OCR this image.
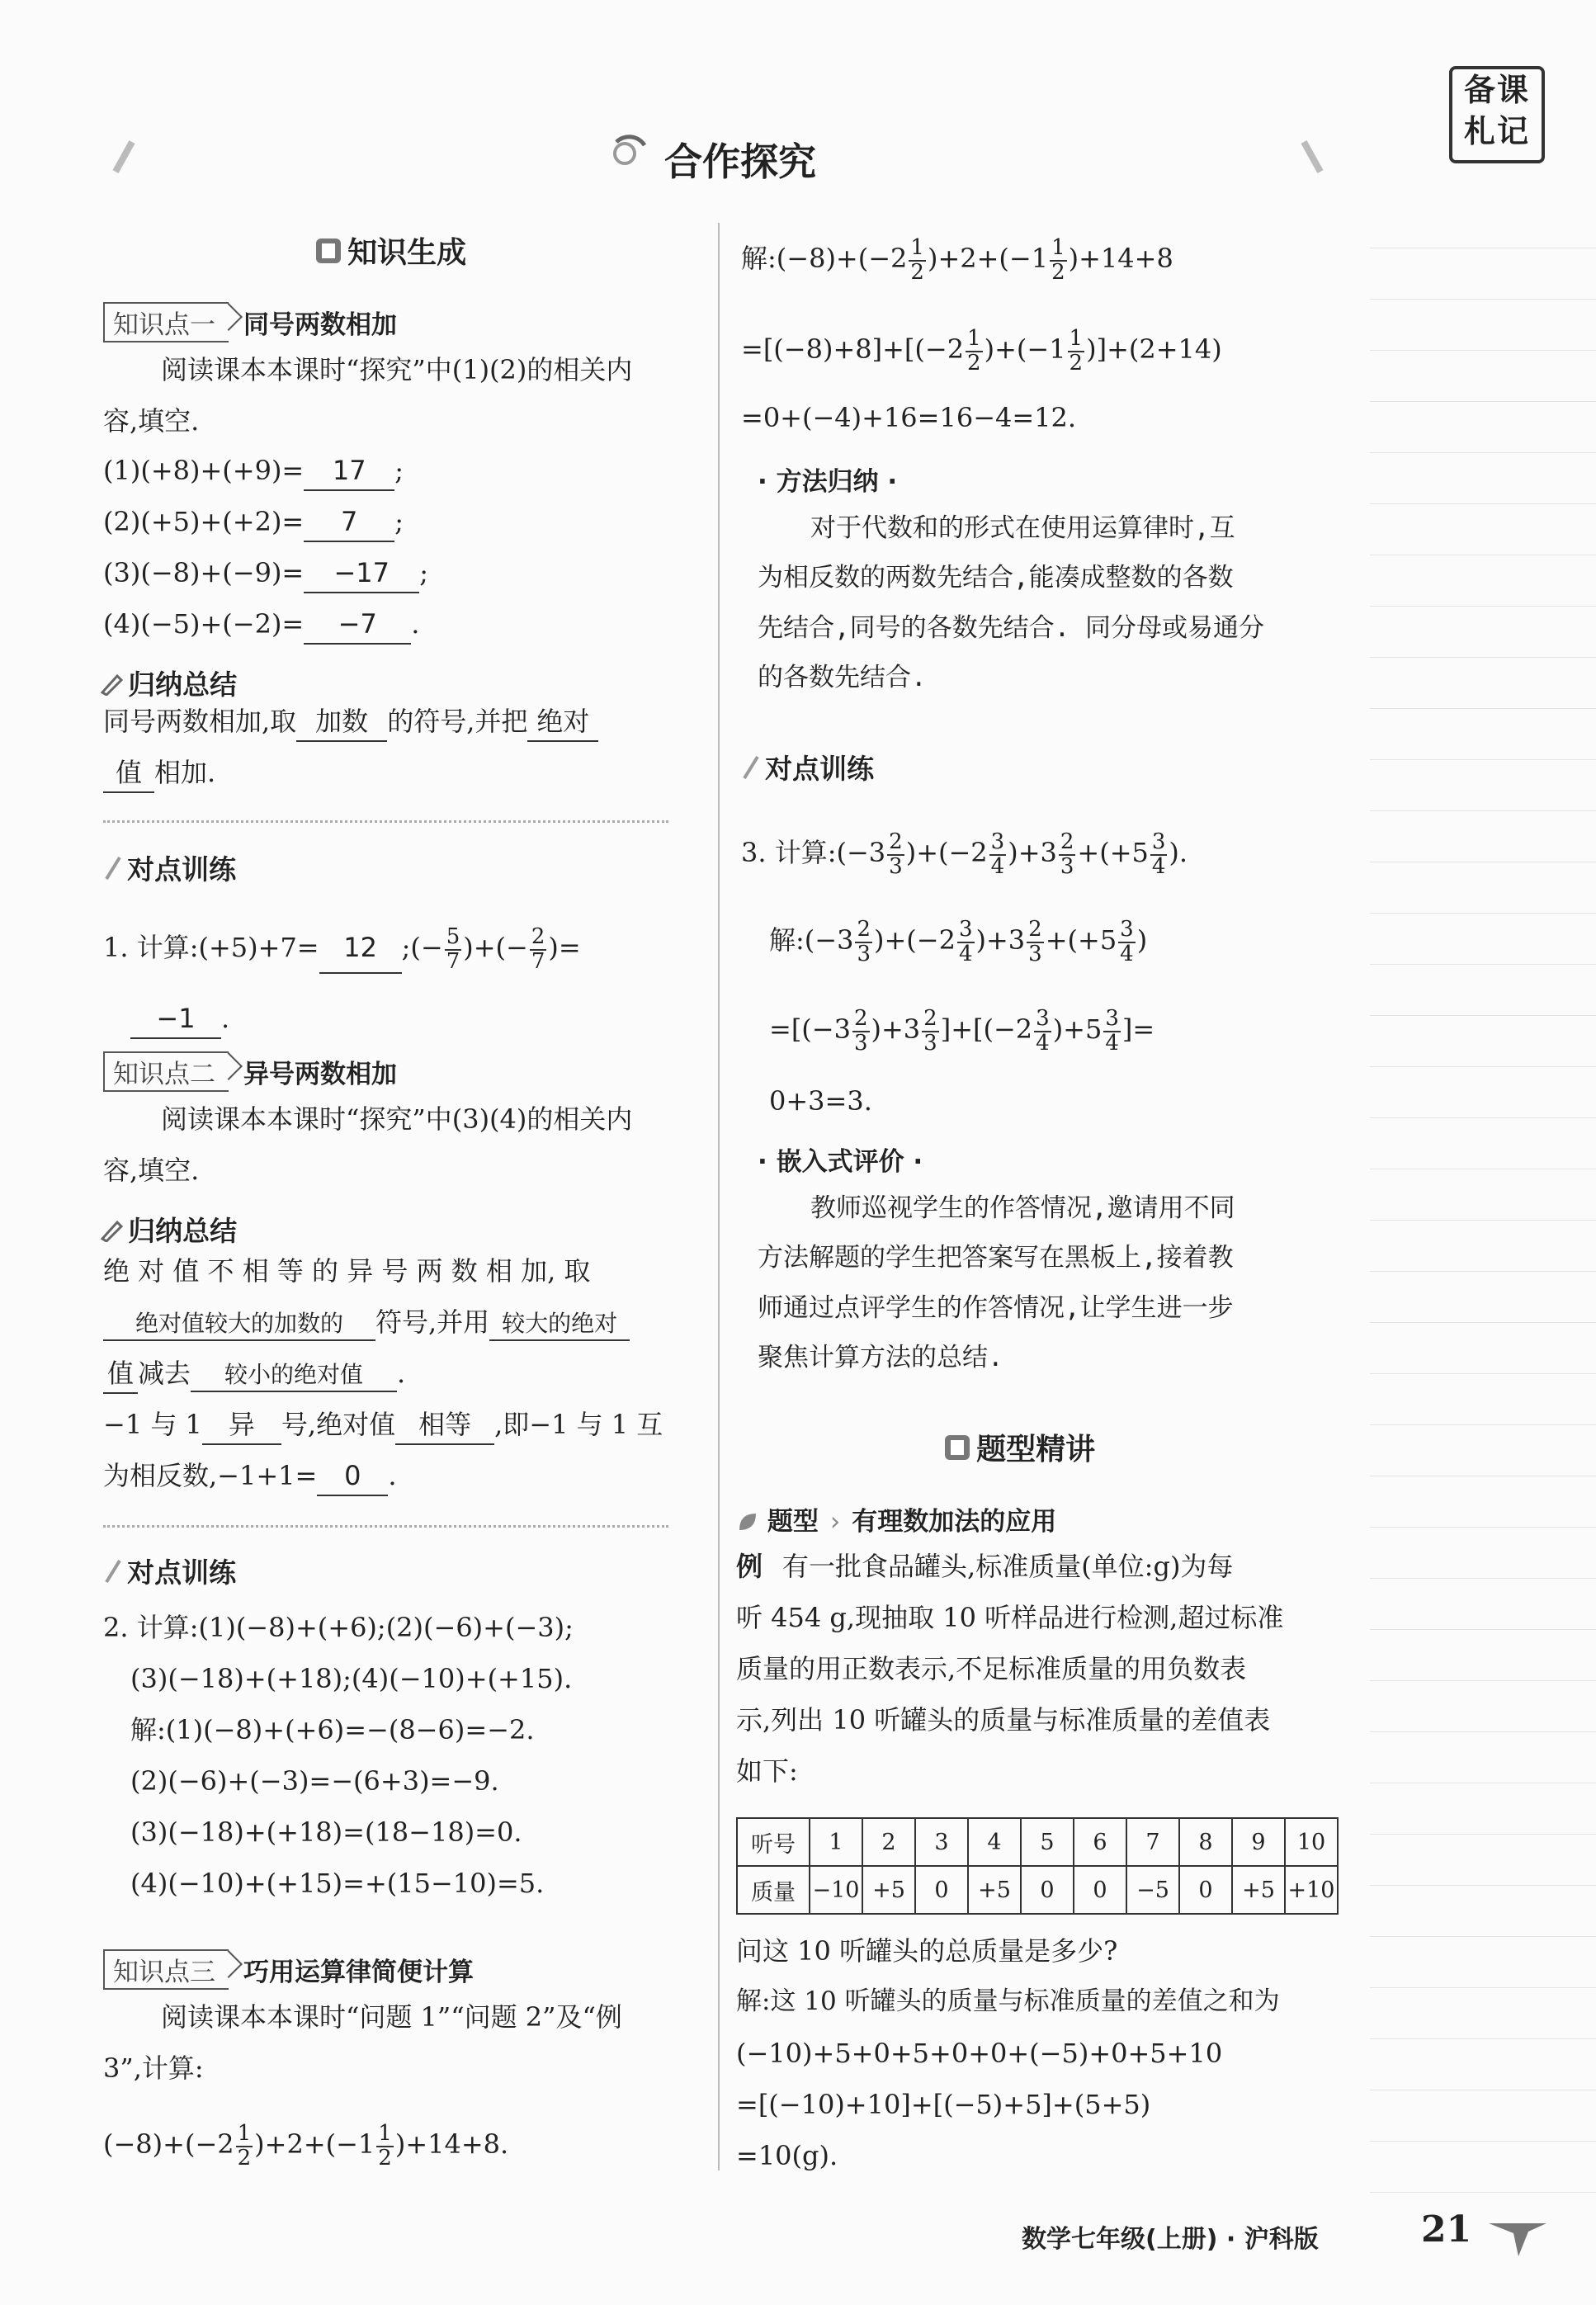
备课
札记
合作探究
知识生成
知识点一 同号两数相加
阅读课本本课时“探究”中(1)(2)的相关内
容,填空.
(1)(+8)+(+9)= 17 ;
(2)(+5)+(+2)= 7 ;
(3)(−8)+(−9)= −17 ;
(4)(−5)+(−2)= −7 .
归纳总结
同号两数相加,取 加数 的符号,并把 绝对
值 相加.
对点训练
1. 计算:(+5)+7= 12 ;(− $\frac{5}{7}$ )+(− $\frac{2}{7}$ )=
−1 .
知识点二 异号两数相加
阅读课本本课时“探究”中(3)(4)的相关内
容,填空.
归纳总结
绝 对 值 不 相 等 的 异 号 两 数 相 加, 取
绝对值较大的加数的 符号,并用 较大的绝对
值 减去 较小的绝对值 .
−1 与 1 异 号,绝对值 相等 ,即−1 与 1 互
为相反数,−1+1= 0 .
对点训练
2. 计算:(1)(−8)+(+6);(2)(−6)+(−3);
(3)(−18)+(+18);(4)(−10)+(+15).
解:(1)(−8)+(+6)=−(8−6)=−2.
(2)(−6)+(−3)=−(6+3)=−9.
(3)(−18)+(+18)=(18−18)=0.
(4)(−10)+(+15)=+(15−10)=5.
知识点三 巧用运算律简便计算
阅读课本本课时“问题 1”“问题 2”及“例
3”,计算:
$(-8)+(-2 \frac{1}{2} )+2+(-1 \frac{1}{2} )+14+8$.
解:(−8)+(−2 $\frac{1}{2} )+2+(-1 \frac{1}{2} )+14+8$
$=[(-8)+8]+[(-2 \frac{1}{2} )+(-1 \frac{1}{2} )]+(2+14)$
=0+(−4)+16=16−4=12.
· 方法归纳 ·
对于代数和的形式在使用运算律时,互
为相反数的两数先结合,能凑成整数的各数
先结合,同号的各数先结合. 同分母或易通分
的各数先结合.
对点训练
3. 计算:(−3 $\frac{2}{3} )+(-2 \frac{3}{4} )+3 \frac{2}{3} +(+5 \frac{3}{4}$ ).
解:(−3 $\frac{2}{3} )+(-2 \frac{3}{4} )+3 \frac{2}{3} +(+5 \frac{3}{4}$ )
$=[(-3 \frac{2}{3} )+3 \frac{2}{3} ]+[(-2 \frac{3}{4} )+5 \frac{3}{4}$ ]=
0+3=3.
· 嵌入式评价 ·
教师巡视学生的作答情况,邀请用不同
方法解题的学生把答案写在黑板上,接着教
师通过点评学生的作答情况,让学生进一步
聚焦计算方法的总结.
题型精讲
题型 › 有理数加法的应用
例 有一批食品罐头,标准质量(单位:g)为每
听 454 g,现抽取 10 听样品进行检测,超过标准
质量的用正数表示,不足标准质量的用负数表
示,列出 10 听罐头的质量与标准质量的差值表
如下:
听号	1	2	3	4	5	6	7	8	9	10
质量	−10	+5	0	+5	0	0	−5	0	+5	+10
问这 10 听罐头的总质量是多少?
解:这 10 听罐头的质量与标准质量的差值之和为
(−10)+5+0+5+0+0+(−5)+0+5+10
=[(−10)+10]+[(−5)+5]+(5+5)
=10(g).
数学七年级(上册) · 沪科版	21
